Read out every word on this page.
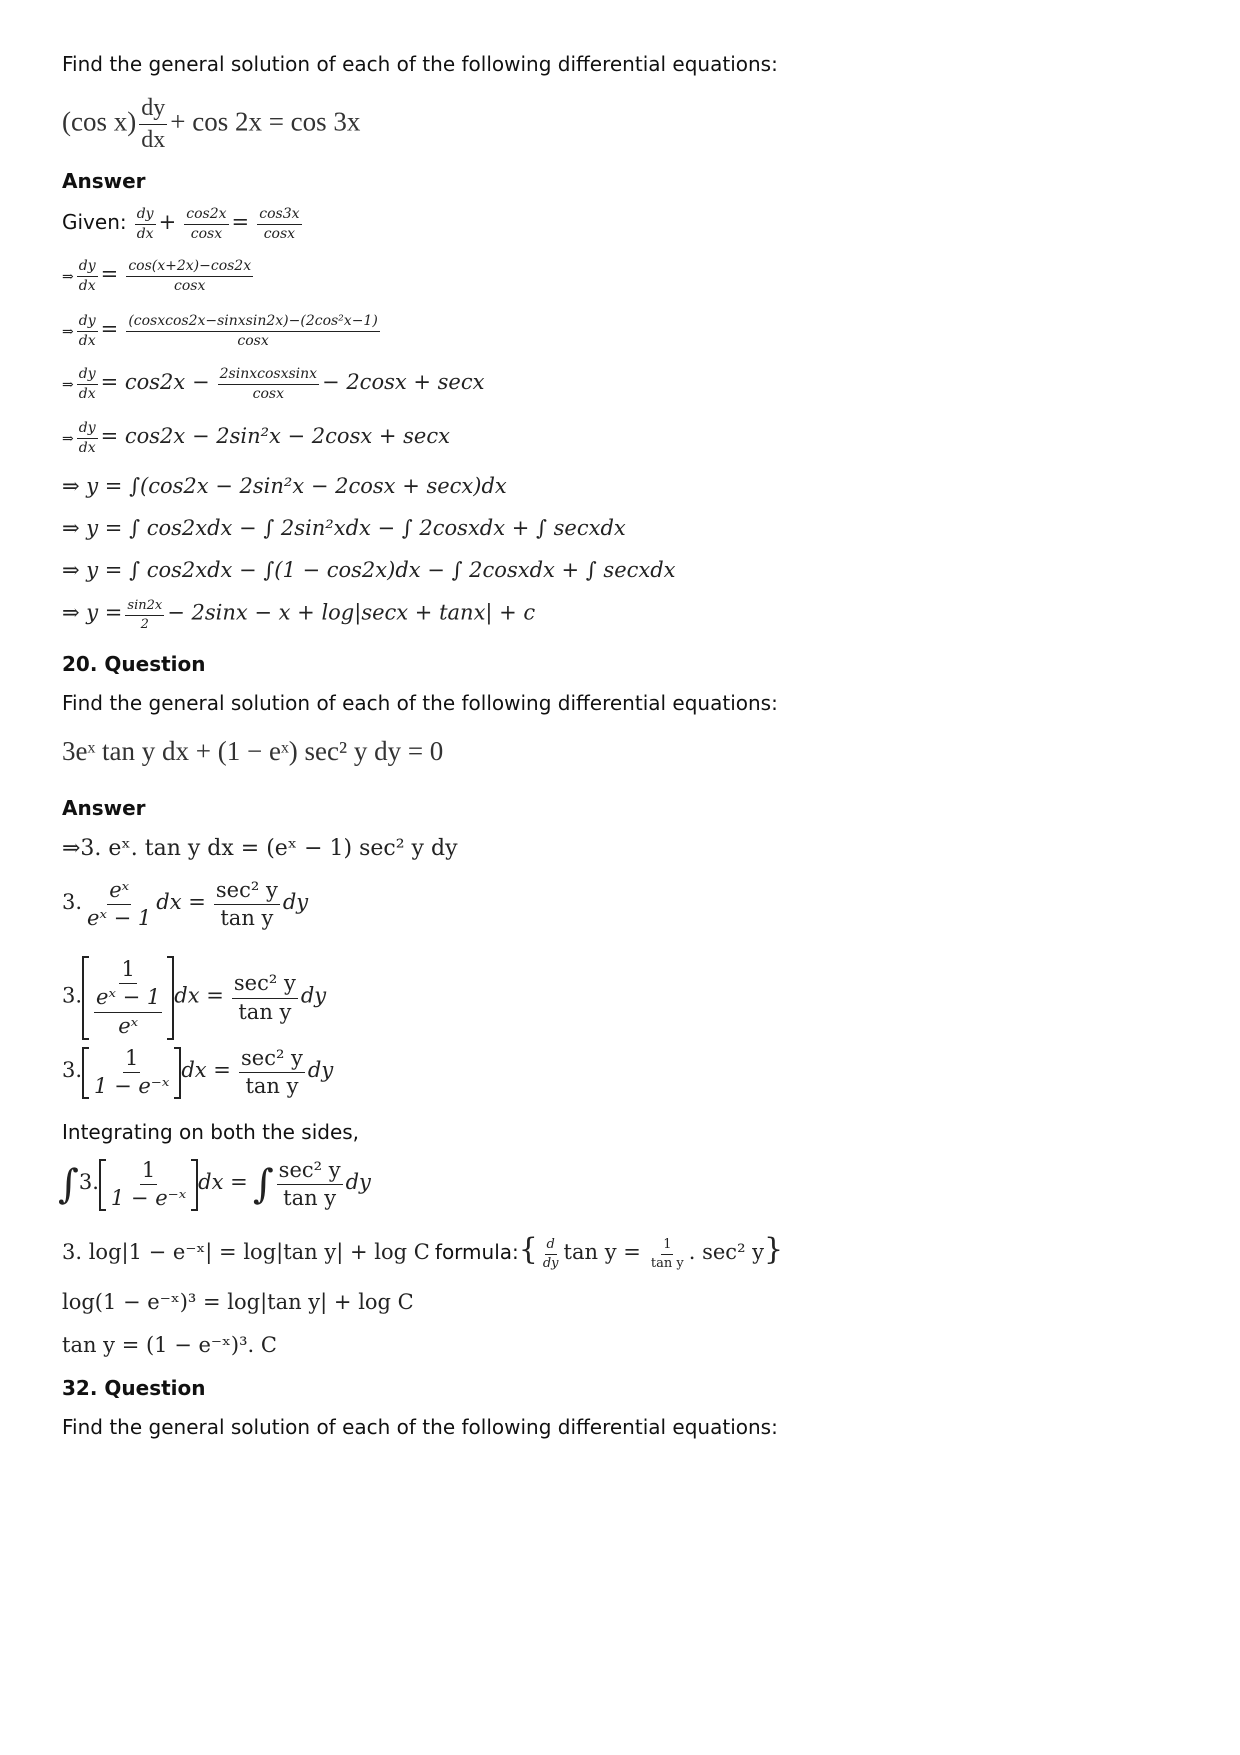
Find the general solution of each of the following differential equations:
(cos $x) \frac{dy}{dx} + \cos 2x = \cos 3x$
Answer
Given: $\frac{dy}{dx} + \frac{\cos 2x}{\cos x} = \frac{\cos 3x}{\cos x}$
⇒ $\frac{dy}{dx} = \frac{\cos(x+2x)-\cos 2x}{\cos x}$
⇒ $\frac{dy}{dx} = \frac{\text{(cosxcos2x−sinxsin2x)−(2cos²x−1)}}{\cos x}$
⇒ $\frac{dy}{dx} = \cos 2x - \frac{\text{2sinxcosxsinx}}{\cos x} - 2\cos x + \sec x$
⇒ $\frac{dy}{dx} = \cos 2x - 2\sin^2x - 2\cos x + \sec x$
⇒ y = ∫(cos2x − 2sin²x − 2cosx + secx)dx
⇒ y = ∫ cos2xdx − ∫ 2sin²xdx − ∫ 2cosxdx + ∫ secxdx
⇒ y = ∫ cos2xdx − ∫(1 − cos2x)dx − ∫ 2cosxdx + ∫ secxdx
⇒ $y = \frac{\sin 2x}{2} - 2\sin x - x + \log|\sec x + \tan x| + c$
20. Question
Find the general solution of each of the following differential equations:
3eˣ tan y dx + (1 − eˣ) sec² y dy = 0
Answer
⇒3. eˣ. tan y dx = (eˣ − 1) sec² y dy
3. $\frac{\text{eˣ}}{\text{eˣ − 1}}$ dx = $\frac{\text{sec² y}}{\text{tan y}}$ dy
3. $\frac{1}{\frac{\text{eˣ − 1}}{\text{eˣ}}}$ dx = $\frac{\text{sec² y}}{\text{tan y}}$ dy
3. $\frac{1}{\text{1 − e⁻ˣ}}$ dx = $\frac{\text{sec² y}}{\text{tan y}}$ dy
Integrating on both the sides,
∫3. $\frac{1}{\text{1 − e⁻ˣ}}$ dx = ∫ $\frac{\text{sec² y}}{\text{tan y}}$ dy
3. log|1 − e⁻ˣ| = log|tan y| + log C formula:{ $\frac{d}{dy}$ $\tan y = \frac{1}{\text{tan y}}$ . sec² y}
log(1 − e⁻ˣ)³ = log|tan y| + log C
tan y = (1 − e⁻ˣ)³. C
32. Question
Find the general solution of each of the following differential equations:
